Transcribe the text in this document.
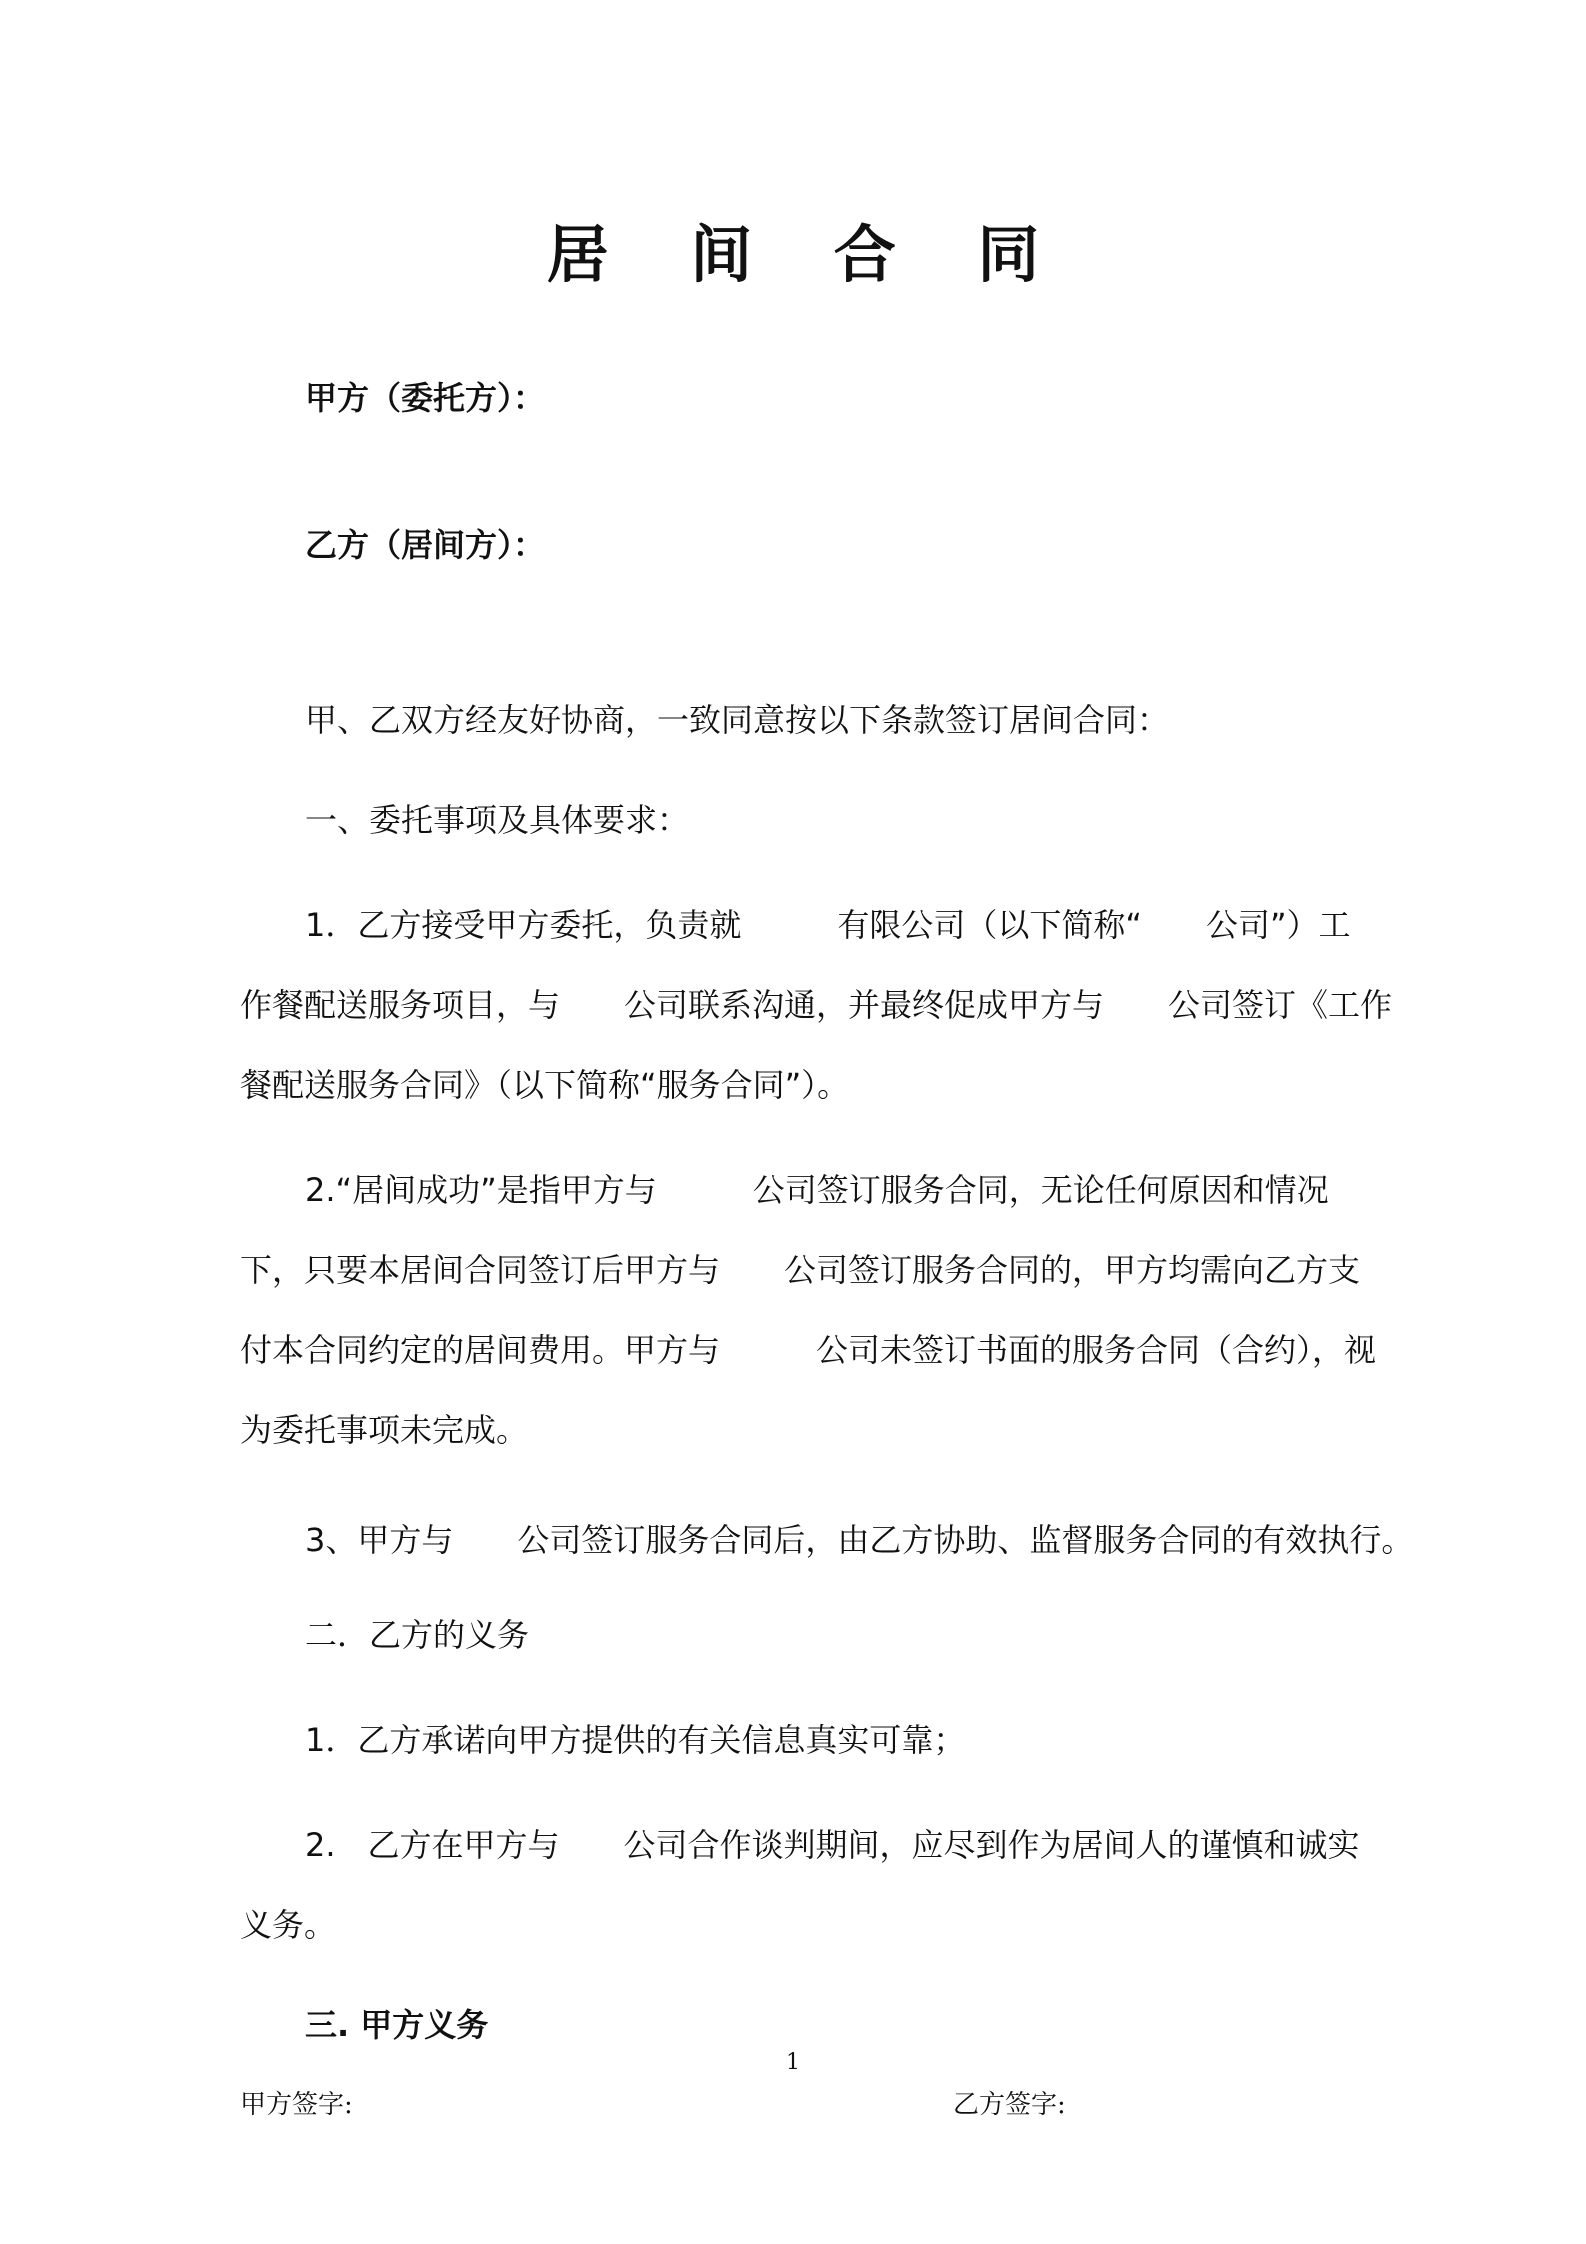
居 间 合 同
甲方（委托方）：
乙方（居间方）：
甲、乙双方经友好协商，一致同意按以下条款签订居间合同：
一、委托事项及具体要求：
1．乙方接受甲方委托，负责就　　　有限公司（以下简称“　　公司”）工
作餐配送服务项目，与　　公司联系沟通，并最终促成甲方与　　公司签订《工作
餐配送服务合同》（以下简称“服务合同”）。
2.“居间成功”是指甲方与　　　公司签订服务合同，无论任何原因和情况
下，只要本居间合同签订后甲方与　　公司签订服务合同的，甲方均需向乙方支
付本合同约定的居间费用。甲方与　　　公司未签订书面的服务合同（合约），视
为委托事项未完成。
3、甲方与　　公司签订服务合同后，由乙方协助、监督服务合同的有效执行。
二．乙方的义务
1．乙方承诺向甲方提供的有关信息真实可靠；
2.　乙方在甲方与　　公司合作谈判期间，应尽到作为居间人的谨慎和诚实
义务。
三. 甲方义务
1
甲方签字:	乙方签字:
